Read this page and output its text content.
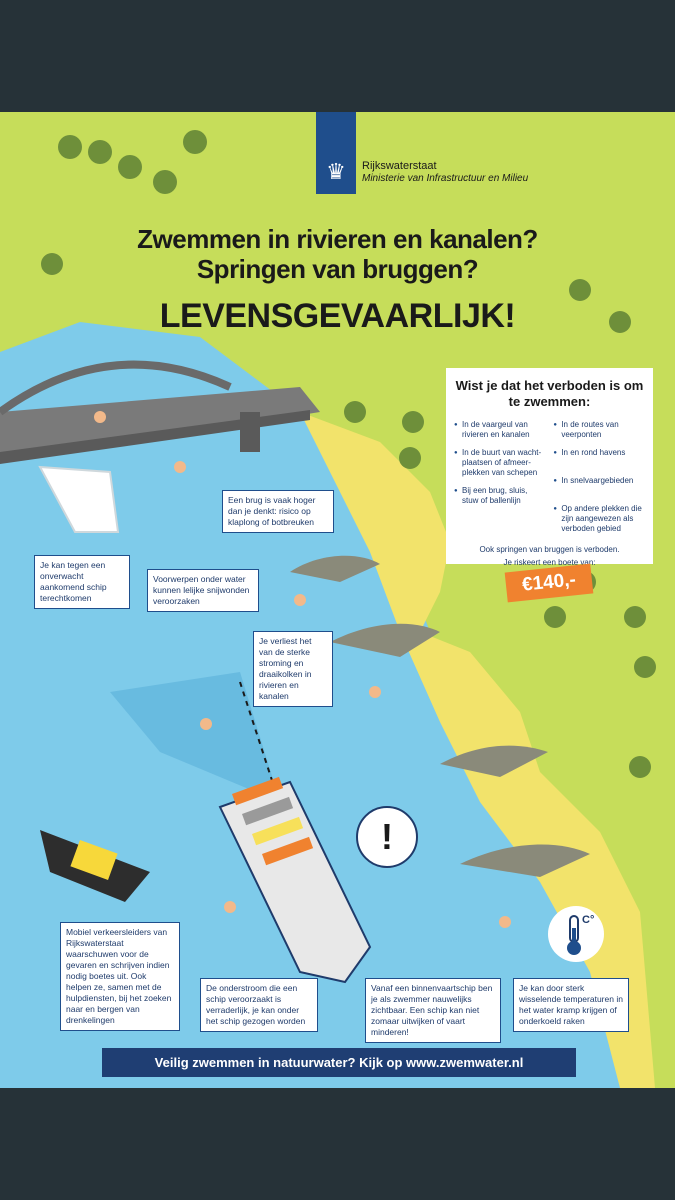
♛	Rijkswaterstaat
Ministerie van Infrastructuur en Milieu
Zwemmen in rivieren en kanalen?
Springen van bruggen?
LEVENSGEVAARLIJK!
Wist je dat het verboden is om te zwemmen:
● In de vaargeul van rivieren en kanalen
● In de buurt van wacht-plaatsen of afmeer-plekken van schepen
● Bij een brug, sluis, stuw of ballenlijn
● In de routes van veerponten
● In en rond havens
● In snelvaargebieden
● Op andere plekken die zijn aangewezen als verboden gebied
Ook springen van bruggen is verboden.
Je riskeert een boete van:
€140,-
Een brug is vaak hoger dan je denkt: risico op klaplong of botbreuken
Je kan tegen een onverwacht aankomend schip terechtkomen
Voorwerpen onder water kunnen lelijke snijwonden veroorzaken
Je verliest het van de sterke stroming en draaikolken in rivieren en kanalen
Mobiel verkeersleiders van Rijkswaterstaat waarschuwen voor de gevaren en schrijven indien nodig boetes uit. Ook helpen ze, samen met de hulpdiensten, bij het zoeken naar en bergen van drenkelingen
De onderstroom die een schip veroorzaakt is verraderlijk, je kan onder het schip gezogen worden
Vanaf een binnenvaartschip ben je als zwemmer nauwelijks zichtbaar. Een schip kan niet zomaar uitwijken of vaart minderen!
Je kan door sterk wisselende temperaturen in het water kramp krijgen of onderkoeld raken
!
C°
Veilig zwemmen in natuurwater? Kijk op www.zwemwater.nl
